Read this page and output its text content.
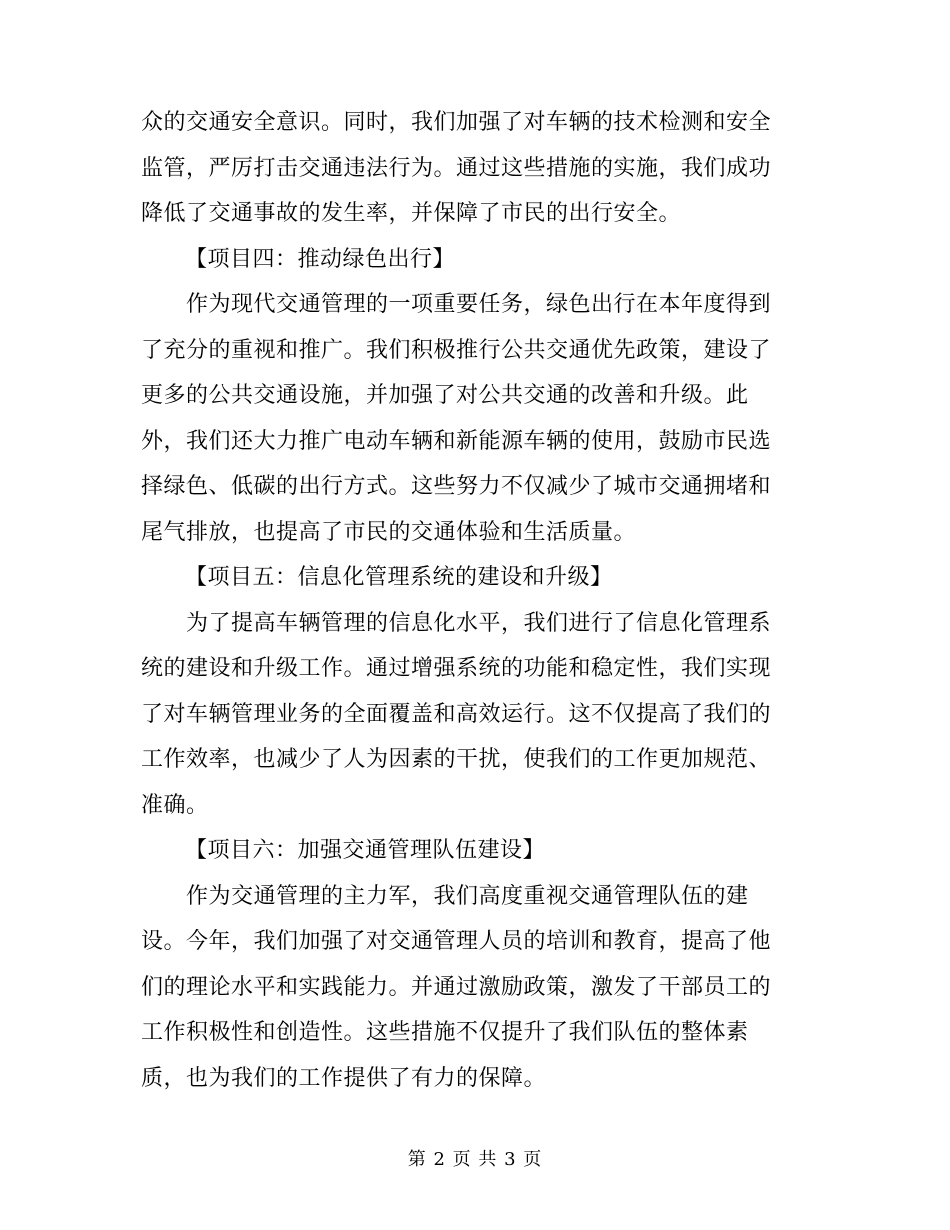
众的交通安全意识。同时，我们加强了对车辆的技术检测和安全

监管，严厉打击交通违法行为。通过这些措施的实施，我们成功

降低了交通事故的发生率，并保障了市民的出行安全。

【项目四：推动绿色出行】

　　作为现代交通管理的一项重要任务，绿色出行在本年度得到

了充分的重视和推广。我们积极推行公共交通优先政策，建设了

更多的公共交通设施，并加强了对公共交通的改善和升级。此

外，我们还大力推广电动车辆和新能源车辆的使用，鼓励市民选

择绿色、低碳的出行方式。这些努力不仅减少了城市交通拥堵和

尾气排放，也提高了市民的交通体验和生活质量。

【项目五：信息化管理系统的建设和升级】

　　为了提高车辆管理的信息化水平，我们进行了信息化管理系

统的建设和升级工作。通过增强系统的功能和稳定性，我们实现

了对车辆管理业务的全面覆盖和高效运行。这不仅提高了我们的

工作效率，也减少了人为因素的干扰，使我们的工作更加规范、

准确。

【项目六：加强交通管理队伍建设】

　　作为交通管理的主力军，我们高度重视交通管理队伍的建

设。今年，我们加强了对交通管理人员的培训和教育，提高了他

们的理论水平和实践能力。并通过激励政策，激发了干部员工的

工作积极性和创造性。这些措施不仅提升了我们队伍的整体素

质，也为我们的工作提供了有力的保障。

第 2 页 共 3 页
